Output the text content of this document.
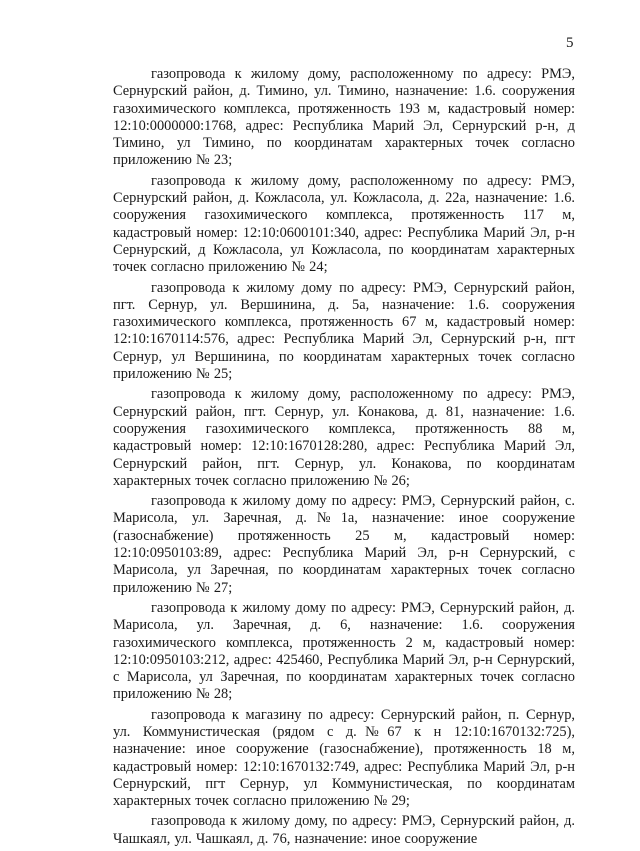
5

газопровода к жилому дому, расположенному по адресу: РМЭ, Сернурский район, д. Тимино, ул. Тимино, назначение: 1.6. сооружения газохимического комплекса, протяженность 193 м, кадастровый номер: 12:10:0000000:1768, адрес: Республика Марий Эл, Сернурский р-н, д Тимино, ул Тимино, по координатам характерных точек согласно приложению № 23;

газопровода к жилому дому, расположенному по адресу: РМЭ, Сернурский район, д. Кожласола, ул. Кожласола, д. 22а, назначение: 1.6. сооружения газохимического комплекса, протяженность 117 м, кадастровый номер: 12:10:0600101:340, адрес: Республика Марий Эл, р-н Сернурский, д Кожласола, ул Кожласола, по координатам характерных точек согласно приложению № 24;

газопровода к жилому дому по адресу: РМЭ, Сернурский район, пгт. Сернур, ул. Вершинина, д. 5а, назначение: 1.6. сооружения газохимического комплекса, протяженность 67 м, кадастровый номер: 12:10:1670114:576, адрес: Республика Марий Эл, Сернурский р-н, пгт Сернур, ул Вершинина, по координатам характерных точек согласно приложению № 25;

газопровода к жилому дому, расположенному по адресу: РМЭ, Сернурский район, пгт. Сернур, ул. Конакова, д. 81, назначение: 1.6. сооружения газохимического комплекса, протяженность 88 м, кадастровый номер: 12:10:1670128:280, адрес: Республика Марий Эл, Сернурский район, пгт. Сернур, ул. Конакова, по координатам характерных точек согласно приложению № 26;

газопровода к жилому дому по адресу: РМЭ, Сернурский район, с. Марисола, ул. Заречная, д.№1а, назначение: иное сооружение (газоснабжение) протяженность 25 м, кадастровый номер: 12:10:0950103:89, адрес: Республика Марий Эл, р-н Сернурский, с Марисола, ул Заречная, по координатам характерных точек согласно приложению № 27;

газопровода к жилому дому по адресу: РМЭ, Сернурский район, д. Марисола, ул. Заречная, д. 6, назначение: 1.6. сооружения газохимического комплекса, протяженность 2 м, кадастровый номер: 12:10:0950103:212, адрес: 425460, Республика Марий Эл, р-н Сернурский, с Марисола, ул Заречная, по координатам характерных точек согласно приложению № 28;

газопровода к магазину по адресу: Сернурский район, п. Сернур, ул. Коммунистическая (рядом с д.№67 к н 12:10:1670132:725), назначение: иное сооружение (газоснабжение), протяженность 18 м, кадастровый номер: 12:10:1670132:749, адрес: Республика Марий Эл, р-н Сернурский, пгт Сернур, ул Коммунистическая, по координатам характерных точек согласно приложению № 29;

газопровода к жилому дому, по адресу: РМЭ, Сернурский район, д. Чашкаял, ул. Чашкаял, д. 76, назначение: иное сооружение
